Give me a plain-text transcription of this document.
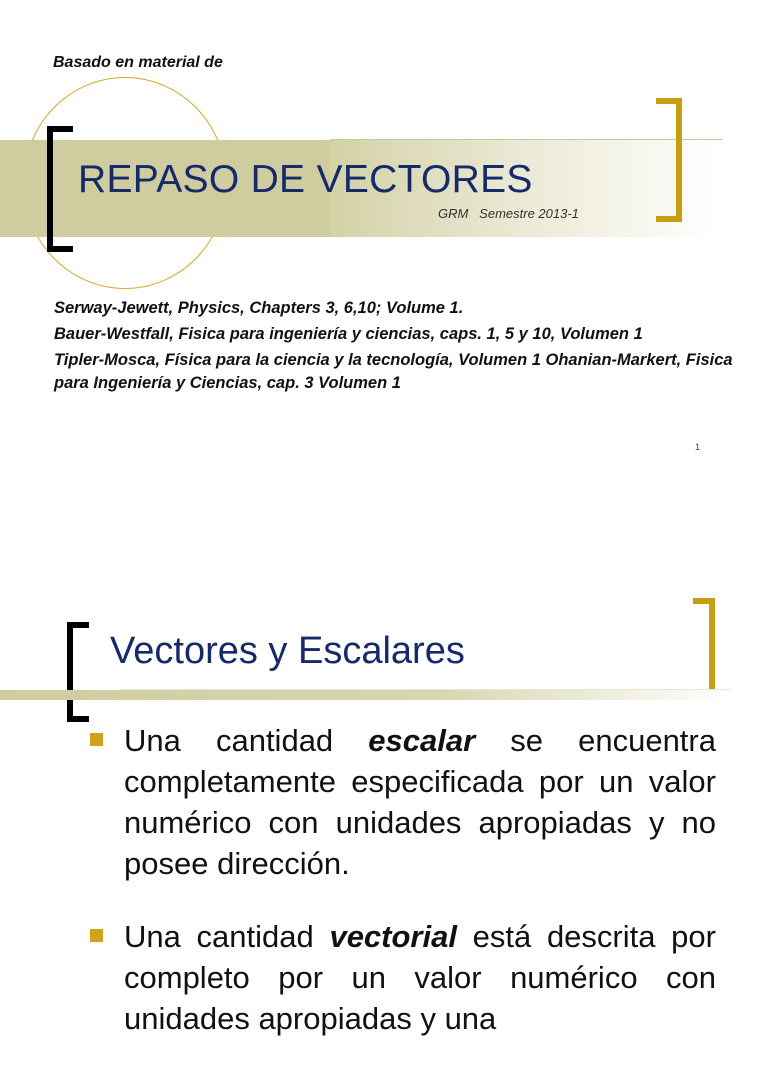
Basado en material de
REPASO DE VECTORES
GRM   Semestre 2013-1

Serway-Jewett, Physics, Chapters 3, 6,10; Volume 1.

Bauer-Westfall, Fisica para ingeniería y ciencias, caps. 1, 5 y 10, Volumen 1

Tipler-Mosca, Física para la ciencia y la tecnología, Volumen 1 Ohanian-Markert, Fisica para Ingeniería y Ciencias, cap. 3 Volumen 1

1
Vectores y Escalares
Una cantidad escalar se encuentra completamente especificada por un valor numérico con unidades apropiadas y no posee dirección.
Una cantidad vectorial está descrita por completo por un valor numérico con unidades apropiadas y una
